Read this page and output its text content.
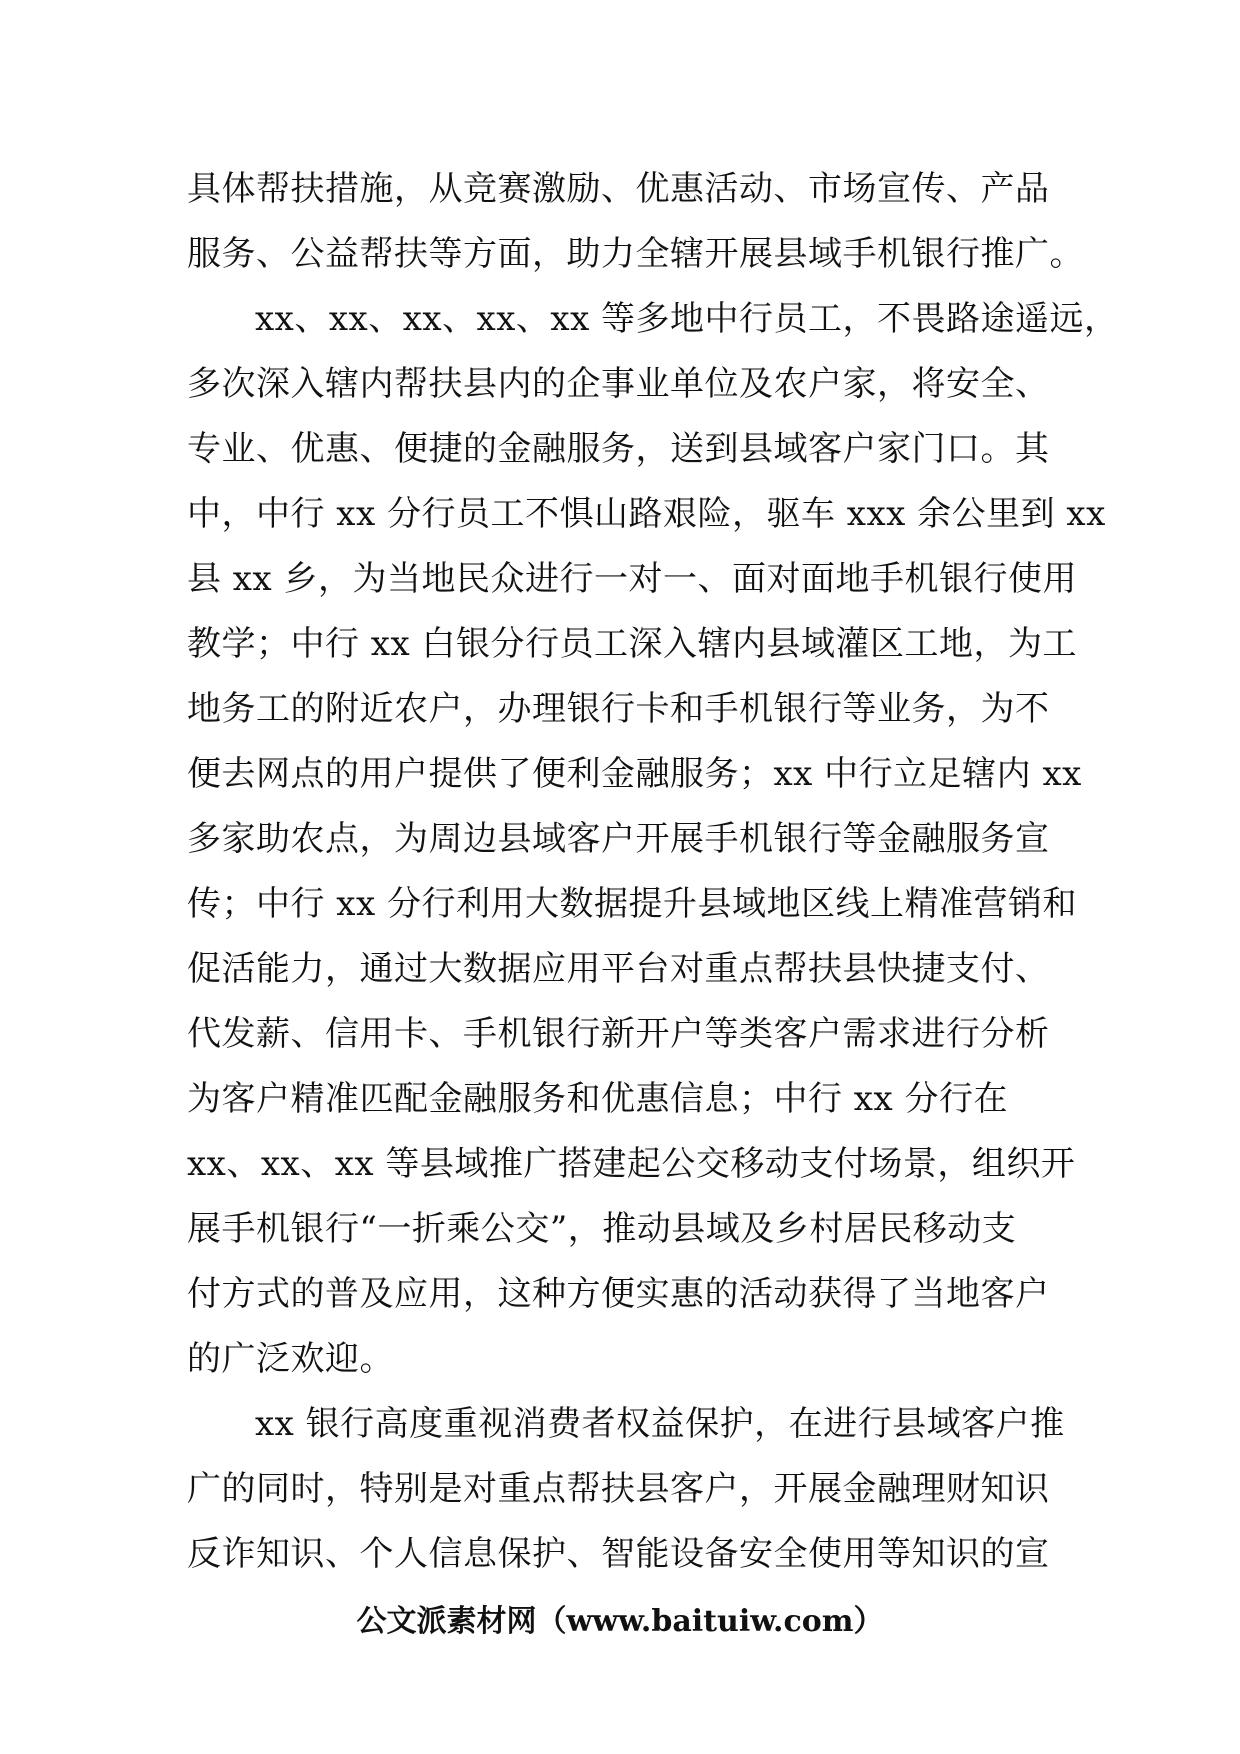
具体帮扶措施，从竞赛激励、优惠活动、市场宣传、产品
服务、公益帮扶等方面，助力全辖开展县域手机银行推广。
xx、xx、xx、xx、xx 等多地中行员工，不畏路途遥远，
多次深入辖内帮扶县内的企事业单位及农户家，将安全、
专业、优惠、便捷的金融服务，送到县域客户家门口。其
中，中行 xx 分行员工不惧山路艰险，驱车 xxx 余公里到 xx
县 xx 乡，为当地民众进行一对一、面对面地手机银行使用
教学；中行 xx 白银分行员工深入辖内县域灌区工地，为工
地务工的附近农户，办理银行卡和手机银行等业务，为不
便去网点的用户提供了便利金融服务；xx 中行立足辖内 xx
多家助农点，为周边县域客户开展手机银行等金融服务宣
传；中行 xx 分行利用大数据提升县域地区线上精准营销和
促活能力，通过大数据应用平台对重点帮扶县快捷支付、
代发薪、信用卡、手机银行新开户等类客户需求进行分析
为客户精准匹配金融服务和优惠信息；中行 xx 分行在
xx、xx、xx 等县域推广搭建起公交移动支付场景，组织开
展手机银行“一折乘公交”，推动县域及乡村居民移动支
付方式的普及应用，这种方便实惠的活动获得了当地客户
的广泛欢迎。
xx 银行高度重视消费者权益保护，在进行县域客户推
广的同时，特别是对重点帮扶县客户，开展金融理财知识
反诈知识、个人信息保护、智能设备安全使用等知识的宣
公文派素材网（www.baituiw.com）
